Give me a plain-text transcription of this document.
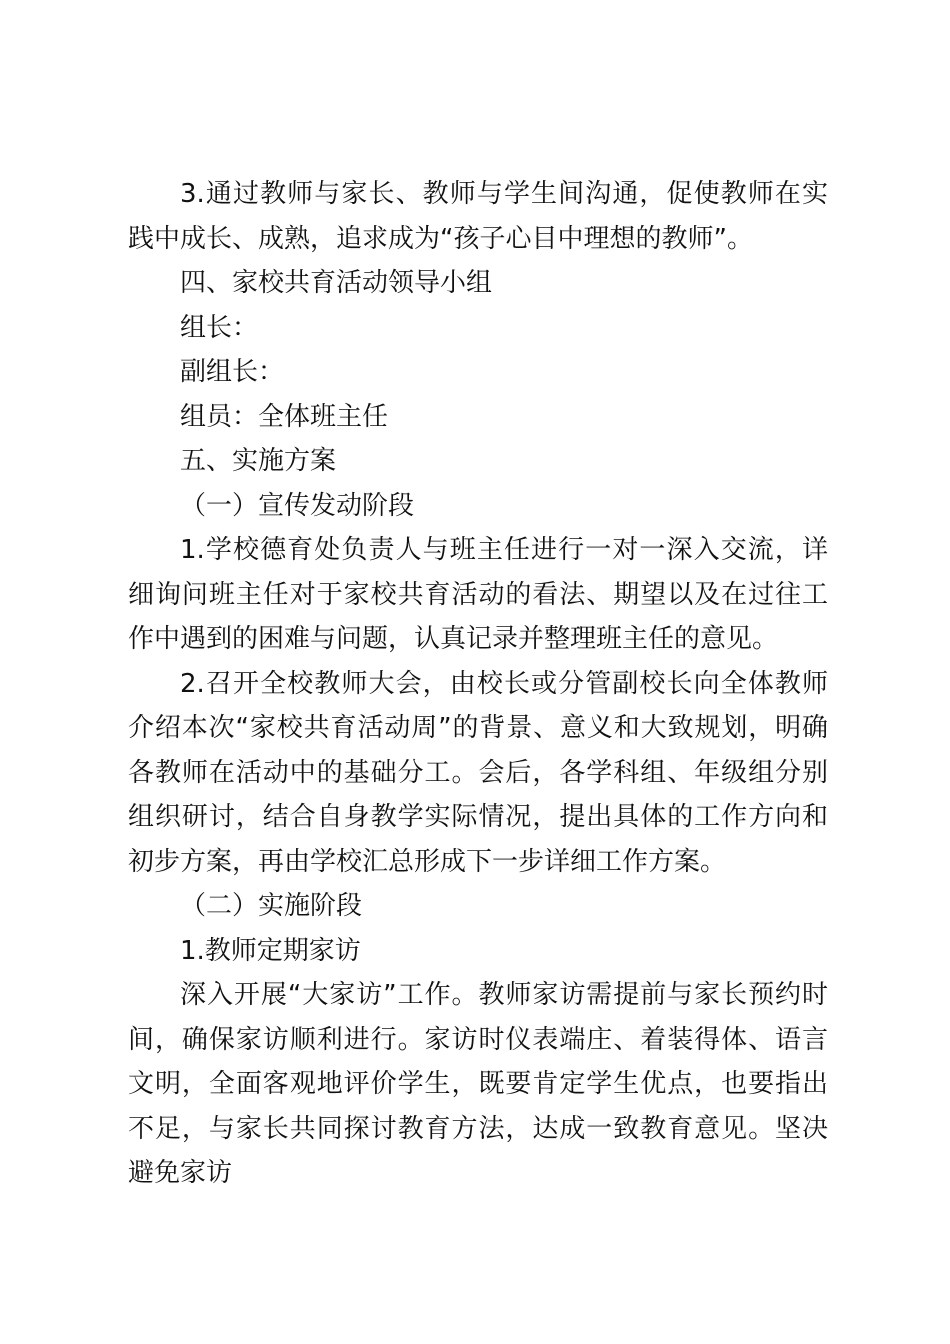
3.通过教师与家长、教师与学生间沟通，促使教师在实践中成长、成熟，追求成为“孩子心目中理想的教师”。

四、家校共育活动领导小组

组长：

副组长：

组员：全体班主任

五、实施方案

（一）宣传发动阶段

1.学校德育处负责人与班主任进行一对一深入交流，详细询问班主任对于家校共育活动的看法、期望以及在过往工作中遇到的困难与问题，认真记录并整理班主任的意见。

2.召开全校教师大会，由校长或分管副校长向全体教师介绍本次“家校共育活动周”的背景、意义和大致规划，明确各教师在活动中的基础分工。会后，各学科组、年级组分别组织研讨，结合自身教学实际情况，提出具体的工作方向和初步方案，再由学校汇总形成下一步详细工作方案。

（二）实施阶段

1.教师定期家访

深入开展“大家访”工作。教师家访需提前与家长预约时间，确保家访顺利进行。家访时仪表端庄、着装得体、语言文明，全面客观地评价学生，既要肯定学生优点，也要指出不足，与家长共同探讨教育方法，达成一致教育意见。坚决避免家访
